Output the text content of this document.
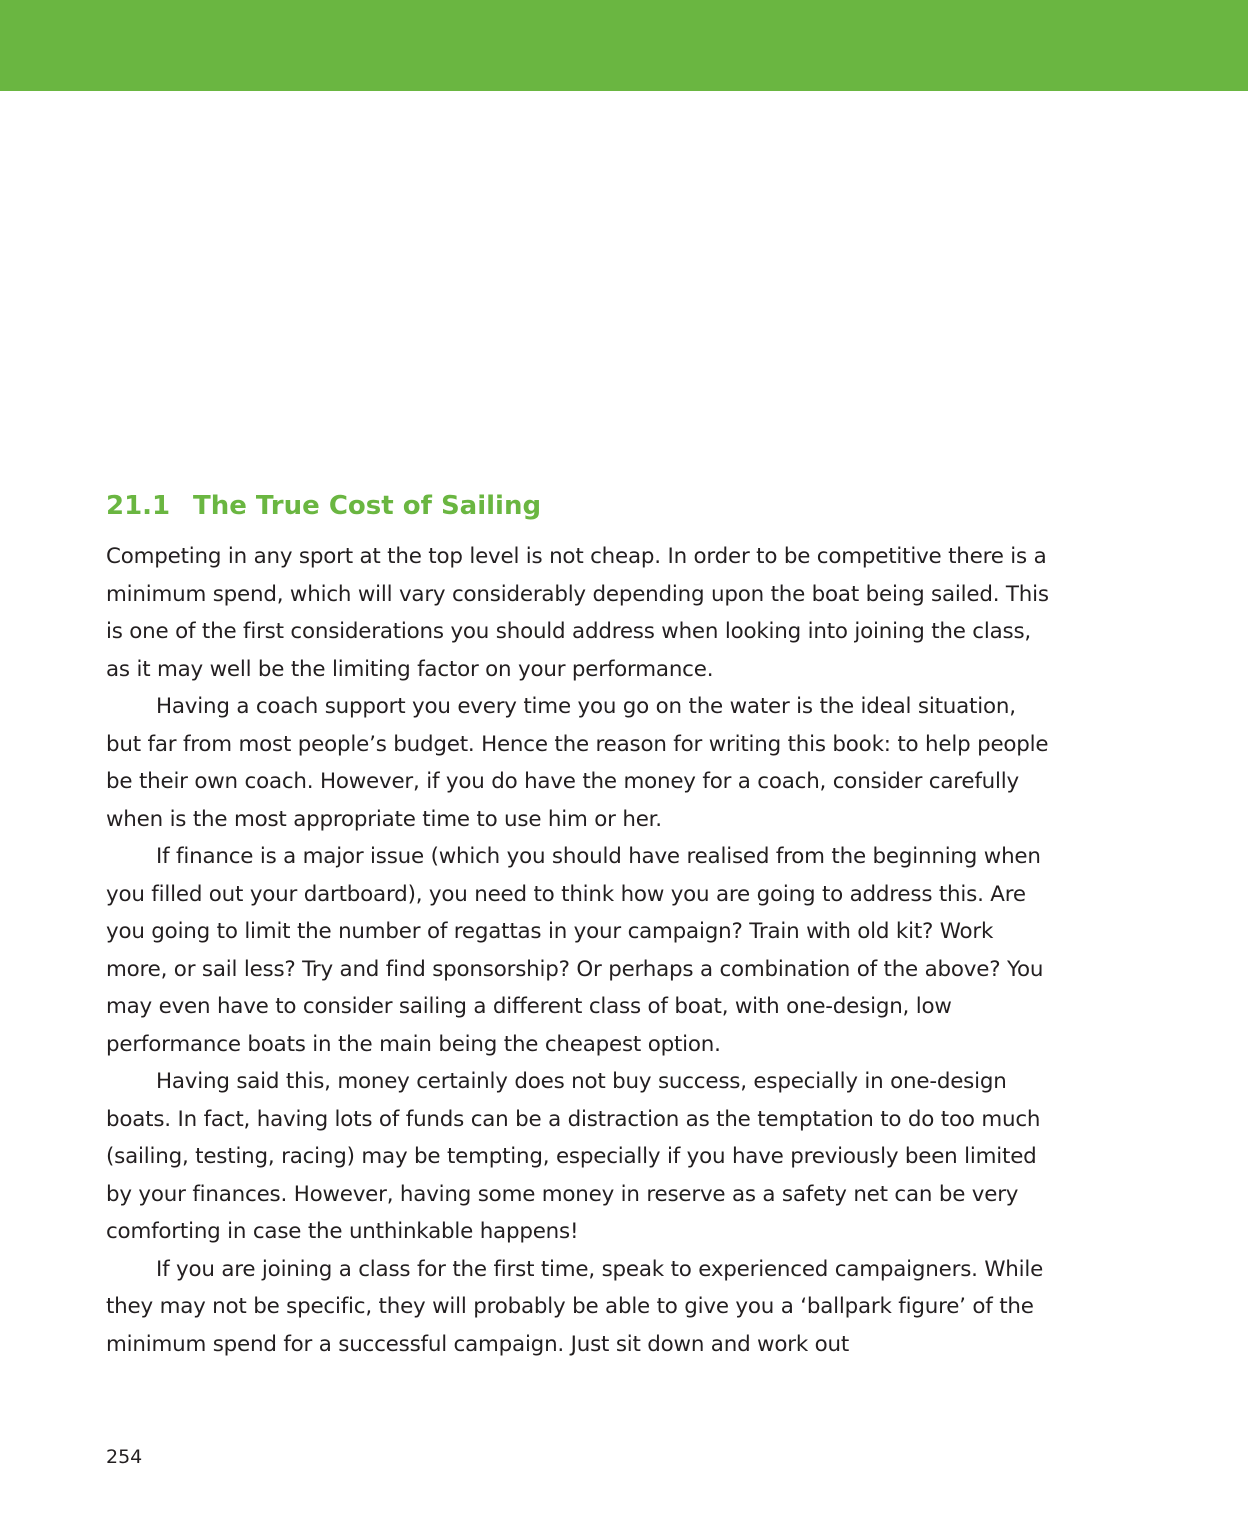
21.1 The True Cost of Sailing

Competing in any sport at the top level is not cheap. In order to be competitive there is a minimum spend, which will vary considerably depending upon the boat being sailed. This is one of the first considerations you should address when looking into joining the class, as it may well be the limiting factor on your performance.

Having a coach support you every time you go on the water is the ideal situation, but far from most people’s budget. Hence the reason for writing this book: to help people be their own coach. However, if you do have the money for a coach, consider carefully when is the most appropriate time to use him or her.

If finance is a major issue (which you should have realised from the beginning when you filled out your dartboard), you need to think how you are going to address this. Are you going to limit the number of regattas in your campaign? Train with old kit? Work more, or sail less? Try and find sponsorship? Or perhaps a combination of the above? You may even have to consider sailing a different class of boat, with one-design, low performance boats in the main being the cheapest option.

Having said this, money certainly does not buy success, especially in one-design boats. In fact, having lots of funds can be a distraction as the temptation to do too much (sailing, testing, racing) may be tempting, especially if you have previously been limited by your finances. However, having some money in reserve as a safety net can be very comforting in case the unthinkable happens!

If you are joining a class for the first time, speak to experienced campaigners. While they may not be specific, they will probably be able to give you a ‘ballpark figure’ of the minimum spend for a successful campaign. Just sit down and work out

254
